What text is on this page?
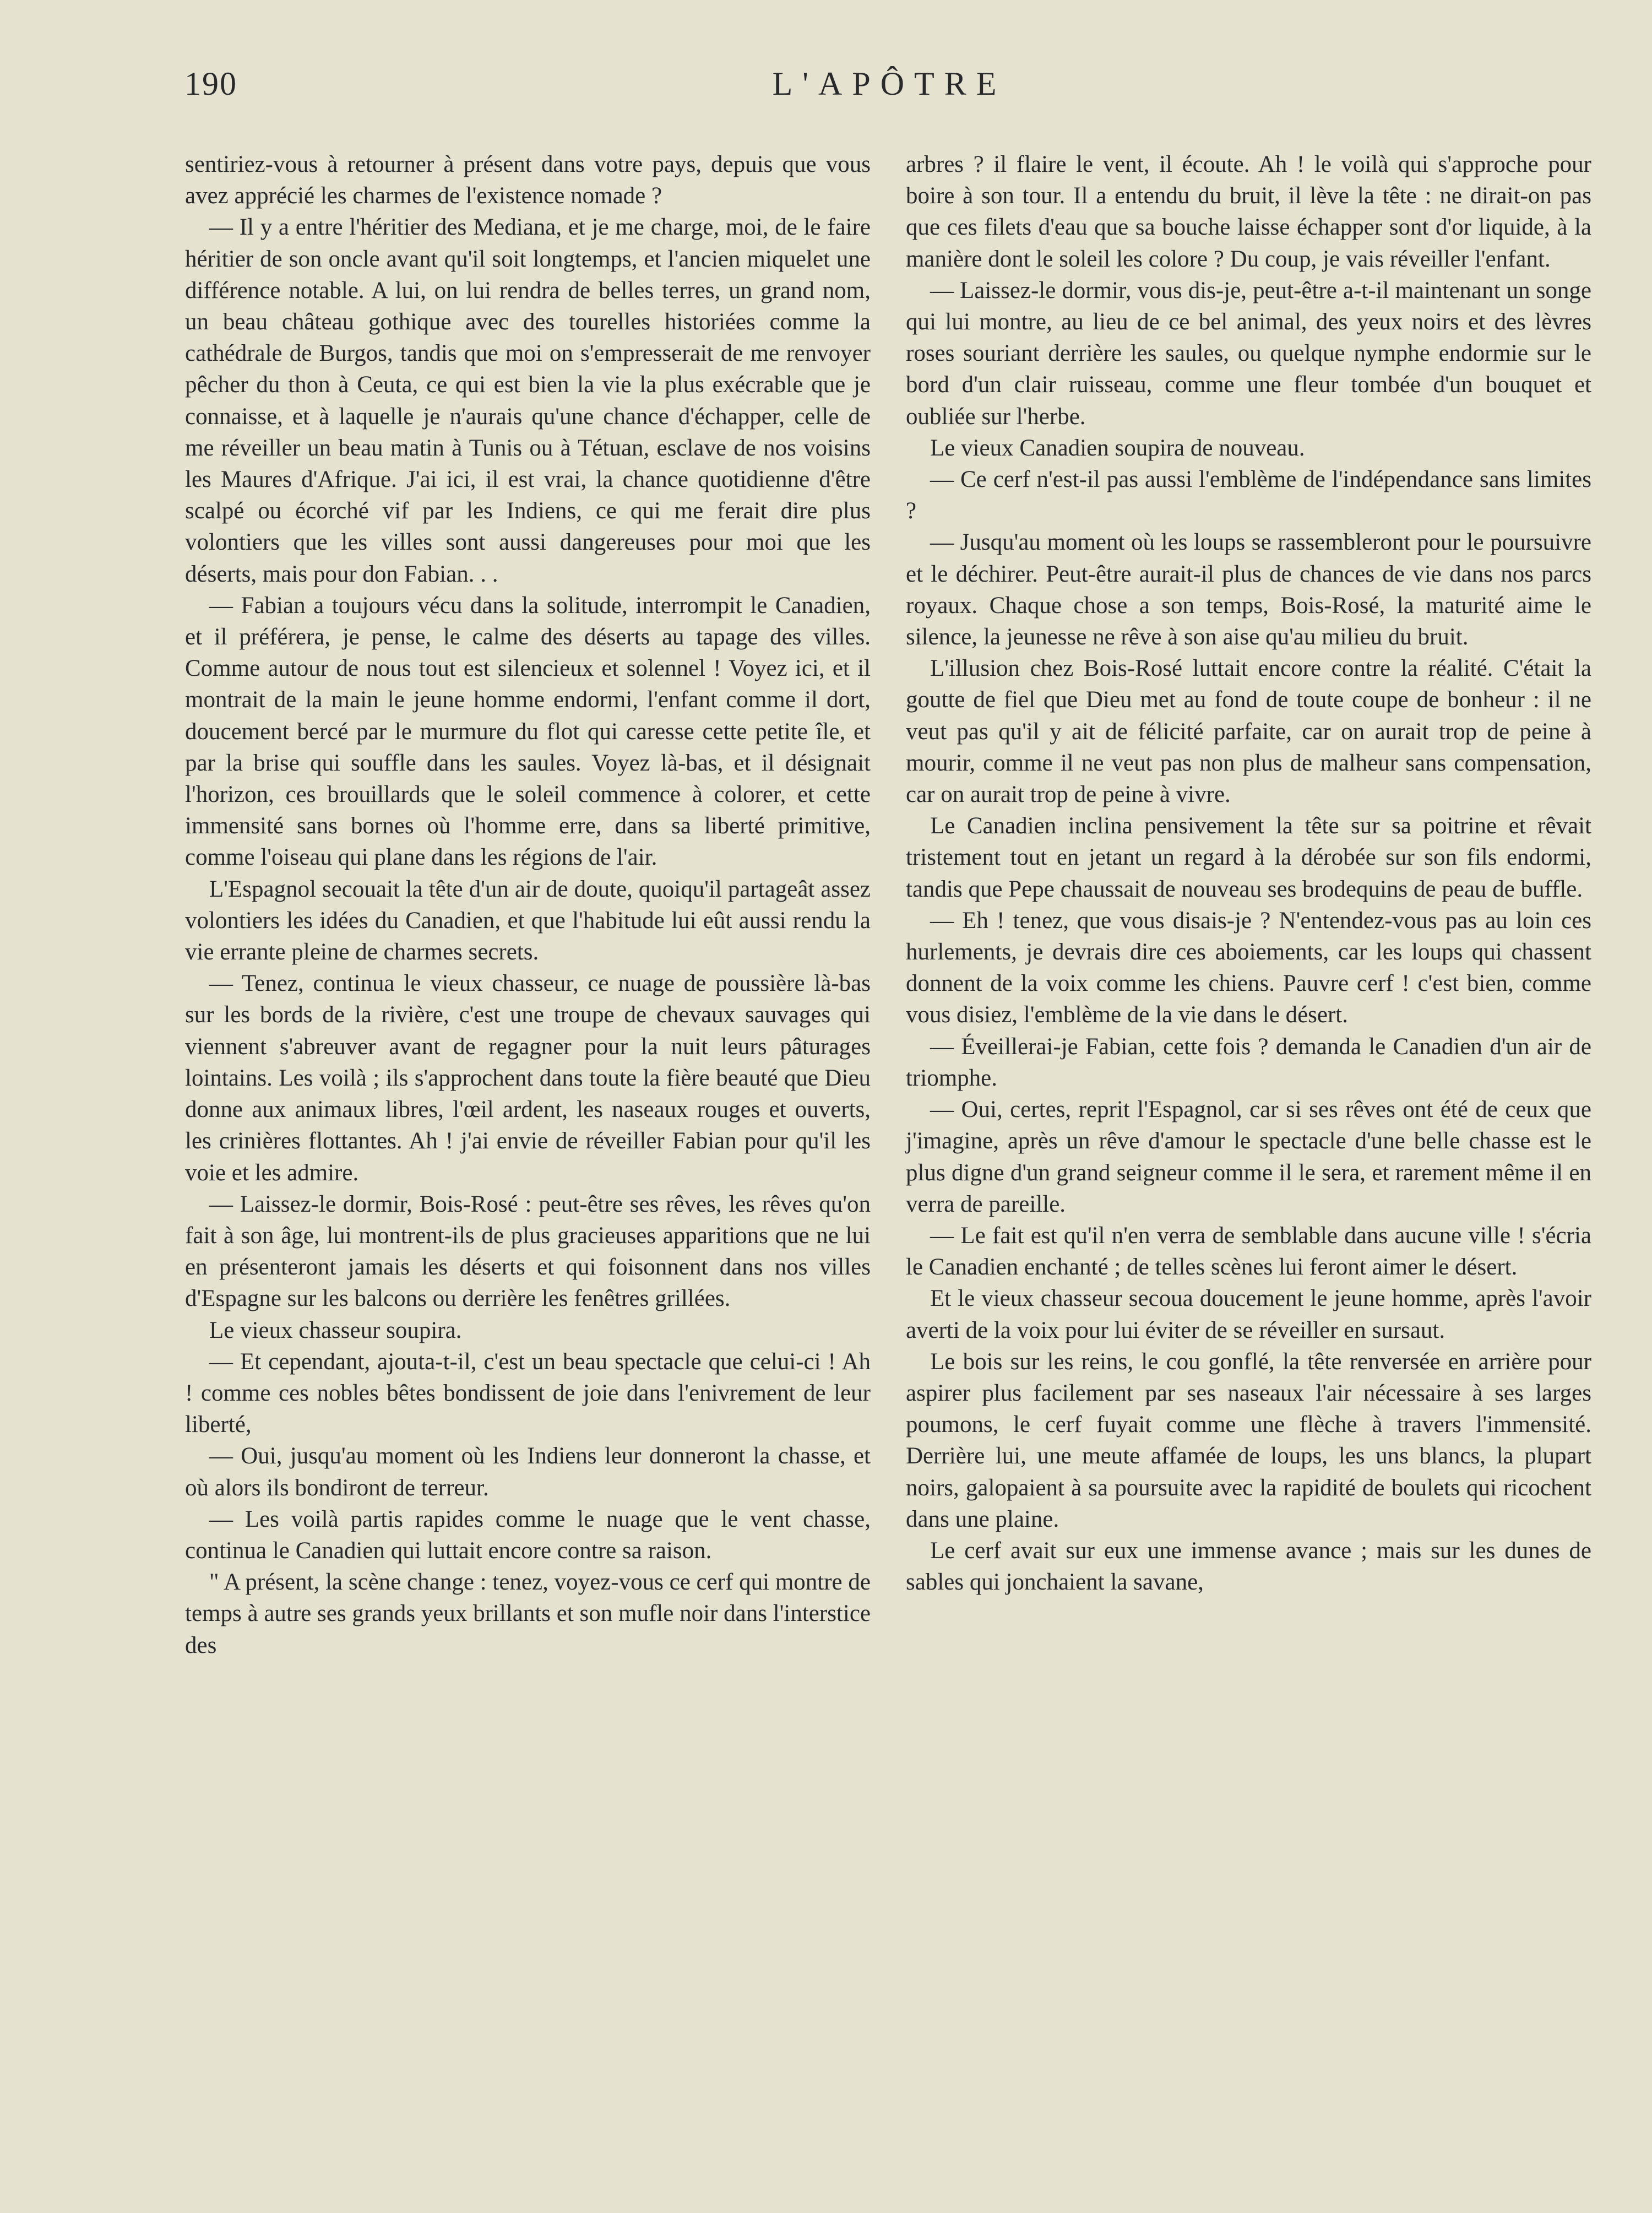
190	L'APÔTRE

sentiriez-vous à retourner à présent dans votre pays, depuis que vous avez apprécié les charmes de l'existence nomade ?

— Il y a entre l'héritier des Mediana, et je me charge, moi, de le faire héritier de son oncle avant qu'il soit longtemps, et l'ancien miquelet une différence notable. A lui, on lui rendra de belles terres, un grand nom, un beau château gothique avec des tourelles historiées comme la cathédrale de Burgos, tandis que moi on s'empresserait de me renvoyer pêcher du thon à Ceuta, ce qui est bien la vie la plus exécrable que je connaisse, et à laquelle je n'aurais qu'une chance d'échapper, celle de me réveiller un beau matin à Tunis ou à Tétuan, esclave de nos voisins les Maures d'Afrique. J'ai ici, il est vrai, la chance quotidienne d'être scalpé ou écorché vif par les Indiens, ce qui me ferait dire plus volontiers que les villes sont aussi dangereuses pour moi que les déserts, mais pour don Fabian. . .

— Fabian a toujours vécu dans la solitude, interrompit le Canadien, et il préférera, je pense, le calme des déserts au tapage des villes. Comme autour de nous tout est silencieux et solennel ! Voyez ici, et il montrait de la main le jeune homme endormi, l'enfant comme il dort, doucement bercé par le murmure du flot qui caresse cette petite île, et par la brise qui souffle dans les saules. Voyez là-bas, et il désignait l'horizon, ces brouillards que le soleil commence à colorer, et cette immensité sans bornes où l'homme erre, dans sa liberté primitive, comme l'oiseau qui plane dans les régions de l'air.

L'Espagnol secouait la tête d'un air de doute, quoiqu'il partageât assez volontiers les idées du Canadien, et que l'habitude lui eût aussi rendu la vie errante pleine de charmes secrets.

— Tenez, continua le vieux chasseur, ce nuage de poussière là-bas sur les bords de la rivière, c'est une troupe de chevaux sauvages qui viennent s'abreuver avant de regagner pour la nuit leurs pâturages lointains. Les voilà ; ils s'approchent dans toute la fière beauté que Dieu donne aux animaux libres, l'œil ardent, les naseaux rouges et ouverts, les crinières flottantes. Ah ! j'ai envie de réveiller Fabian pour qu'il les voie et les admire.

— Laissez-le dormir, Bois-Rosé : peut-être ses rêves, les rêves qu'on fait à son âge, lui montrent-ils de plus gracieuses apparitions que ne lui en présenteront jamais les déserts et qui foisonnent dans nos villes d'Espagne sur les balcons ou derrière les fenêtres grillées.

Le vieux chasseur soupira.

— Et cependant, ajouta-t-il, c'est un beau spectacle que celui-ci ! Ah ! comme ces nobles bêtes bondissent de joie dans l'enivrement de leur liberté,

— Oui, jusqu'au moment où les Indiens leur donneront la chasse, et où alors ils bondiront de terreur.

— Les voilà partis rapides comme le nuage que le vent chasse, continua le Canadien qui luttait encore contre sa raison.

" A présent, la scène change : tenez, voyez-vous ce cerf qui montre de temps à autre ses grands yeux brillants et son mufle noir dans l'interstice des

arbres ? il flaire le vent, il écoute. Ah ! le voilà qui s'approche pour boire à son tour. Il a entendu du bruit, il lève la tête : ne dirait-on pas que ces filets d'eau que sa bouche laisse échapper sont d'or liquide, à la manière dont le soleil les colore ? Du coup, je vais réveiller l'enfant.

— Laissez-le dormir, vous dis-je, peut-être a-t-il maintenant un songe qui lui montre, au lieu de ce bel animal, des yeux noirs et des lèvres roses souriant derrière les saules, ou quelque nymphe endormie sur le bord d'un clair ruisseau, comme une fleur tombée d'un bouquet et oubliée sur l'herbe.

Le vieux Canadien soupira de nouveau.

— Ce cerf n'est-il pas aussi l'emblème de l'indépendance sans limites ?

— Jusqu'au moment où les loups se rassembleront pour le poursuivre et le déchirer. Peut-être aurait-il plus de chances de vie dans nos parcs royaux. Chaque chose a son temps, Bois-Rosé, la maturité aime le silence, la jeunesse ne rêve à son aise qu'au milieu du bruit.

L'illusion chez Bois-Rosé luttait encore contre la réalité. C'était la goutte de fiel que Dieu met au fond de toute coupe de bonheur : il ne veut pas qu'il y ait de félicité parfaite, car on aurait trop de peine à mourir, comme il ne veut pas non plus de malheur sans compensation, car on aurait trop de peine à vivre.

Le Canadien inclina pensivement la tête sur sa poitrine et rêvait tristement tout en jetant un regard à la dérobée sur son fils endormi, tandis que Pepe chaussait de nouveau ses brodequins de peau de buffle.

— Eh ! tenez, que vous disais-je ? N'entendez-vous pas au loin ces hurlements, je devrais dire ces aboiements, car les loups qui chassent donnent de la voix comme les chiens. Pauvre cerf ! c'est bien, comme vous disiez, l'emblème de la vie dans le désert.

— Éveillerai-je Fabian, cette fois ? demanda le Canadien d'un air de triomphe.

— Oui, certes, reprit l'Espagnol, car si ses rêves ont été de ceux que j'imagine, après un rêve d'amour le spectacle d'une belle chasse est le plus digne d'un grand seigneur comme il le sera, et rarement même il en verra de pareille.

— Le fait est qu'il n'en verra de semblable dans aucune ville ! s'écria le Canadien enchanté ; de telles scènes lui feront aimer le désert.

Et le vieux chasseur secoua doucement le jeune homme, après l'avoir averti de la voix pour lui éviter de se réveiller en sursaut.

Le bois sur les reins, le cou gonflé, la tête renversée en arrière pour aspirer plus facilement par ses naseaux l'air nécessaire à ses larges poumons, le cerf fuyait comme une flèche à travers l'immensité. Derrière lui, une meute affamée de loups, les uns blancs, la plupart noirs, galopaient à sa poursuite avec la rapidité de boulets qui ricochent dans une plaine.

Le cerf avait sur eux une immense avance ; mais sur les dunes de sables qui jonchaient la savane,
